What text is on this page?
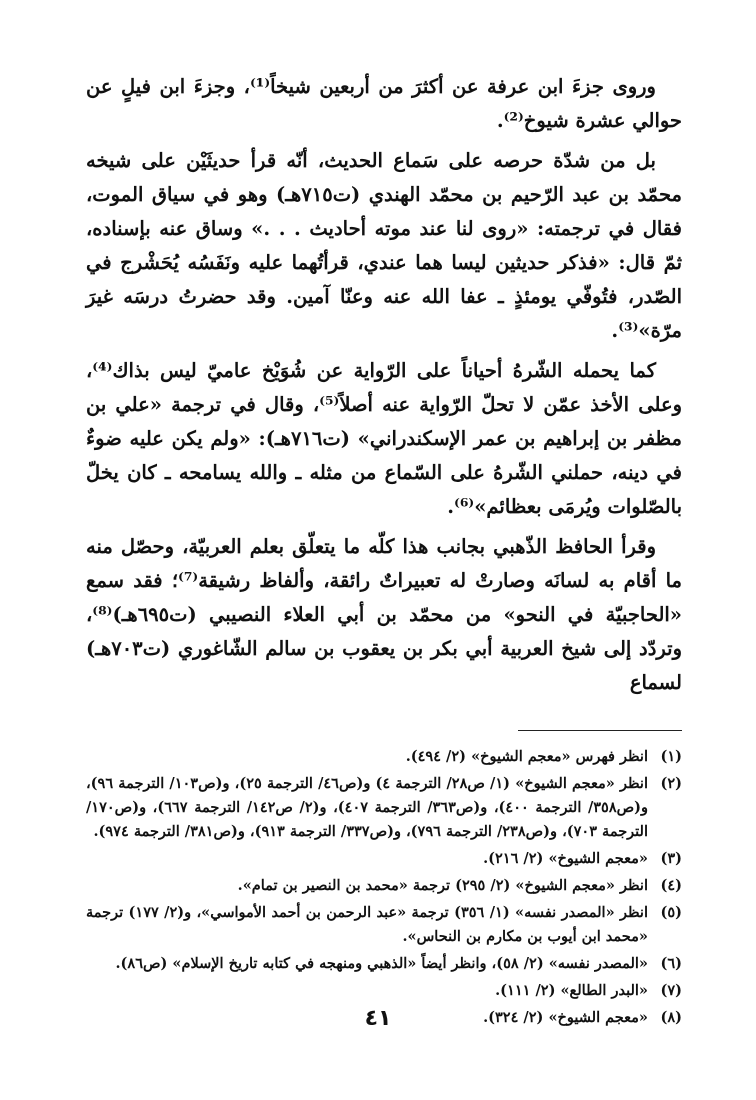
وروى جزءَ ابن عرفة عن أكثرَ من أربعين شيخاً⁽¹⁾، وجزءَ ابن فيلٍ عن حوالي عشرة شيوخ⁽²⁾.

بل من شدّة حرصه على سَماع الحديث، أنّه قرأ حديثَيْن على شيخه محمّد بن عبد الرّحيم بن محمّد الهندي (ت٧١٥هـ) وهو في سياق الموت، فقال في ترجمته: «روى لنا عند موته أحاديث . . .» وساق عنه بإسناده، ثمّ قال: «فذكر حديثين ليسا هما عندي، قرأتُهما عليه ونَفَسُه يُحَشْرج في الصّدر، فتُوفّي يومئذٍ ـ عفا الله عنه وعنّا آمين. وقد حضرتُ درسَه غيرَ مرّة»⁽³⁾.

كما يحمله الشّرهُ أحياناً على الرّواية عن شُوَيْخ عاميّ ليس بذاك⁽⁴⁾، وعلى الأخذ عمّن لا تحلّ الرّواية عنه أصلاً⁽⁵⁾، وقال في ترجمة «علي بن مظفر بن إبراهيم بن عمر الإسكندراني» (ت٧١٦هـ): «ولم يكن عليه ضوءٌ في دينه، حملني الشّرهُ على السّماع من مثله ـ والله يسامحه ـ كان يخلّ بالصّلوات ويُرمَى بعظائم»⁽⁶⁾.

وقرأ الحافظ الذّهبي بجانب هذا كلّه ما يتعلّق بعلم العربيّة، وحصّل منه ما أقام به لسانَه وصارتْ له تعبيراتٌ رائقة، وألفاظ رشيقة⁽⁷⁾؛ فقد سمع «الحاجبيّة في النحو» من محمّد بن أبي العلاء النصيبي (ت٦٩٥هـ)⁽⁸⁾، وتردّد إلى شيخ العربية أبي بكر بن يعقوب بن سالم الشّاغوري (ت٧٠٣هـ) لسماع

(١)
انظر فهرس «معجم الشيوخ» (٢/ ٤٩٤).
(٢)
انظر «معجم الشيوخ» (١/ ص٢٨/ الترجمة ٤) و(ص٤٦/ الترجمة ٢٥)، و(ص١٠٣/ الترجمة ٩٦)، و(ص٣٥٨/ الترجمة ٤٠٠)، و(ص٣٦٣/ الترجمة ٤٠٧)، و(٢/ ص١٤٢/ الترجمة ٦٦٧)، و(ص١٧٠/ الترجمة ٧٠٣)، و(ص٢٣٨/ الترجمة ٧٩٦)، و(ص٣٣٧/ الترجمة ٩١٣)، و(ص٣٨١/ الترجمة ٩٧٤).
(٣)
«معجم الشيوخ» (٢/ ٢١٦).
(٤)
انظر «معجم الشيوخ» (٢/ ٢٩٥) ترجمة «محمد بن النصير بن تمام».
(٥)
انظر «المصدر نفسه» (١/ ٣٥٦) ترجمة «عبد الرحمن بن أحمد الأمواسي»، و(٢/ ١٧٧) ترجمة «محمد ابن أيوب بن مكارم بن النحاس».
(٦)
«المصدر نفسه» (٢/ ٥٨)، وانظر أيضاً «الذهبي ومنهجه في كتابه تاريخ الإسلام» (ص٨٦).
(٧)
«البدر الطالع» (٢/ ١١١).
(٨)
«معجم الشيوخ» (٢/ ٣٢٤).
٤١
